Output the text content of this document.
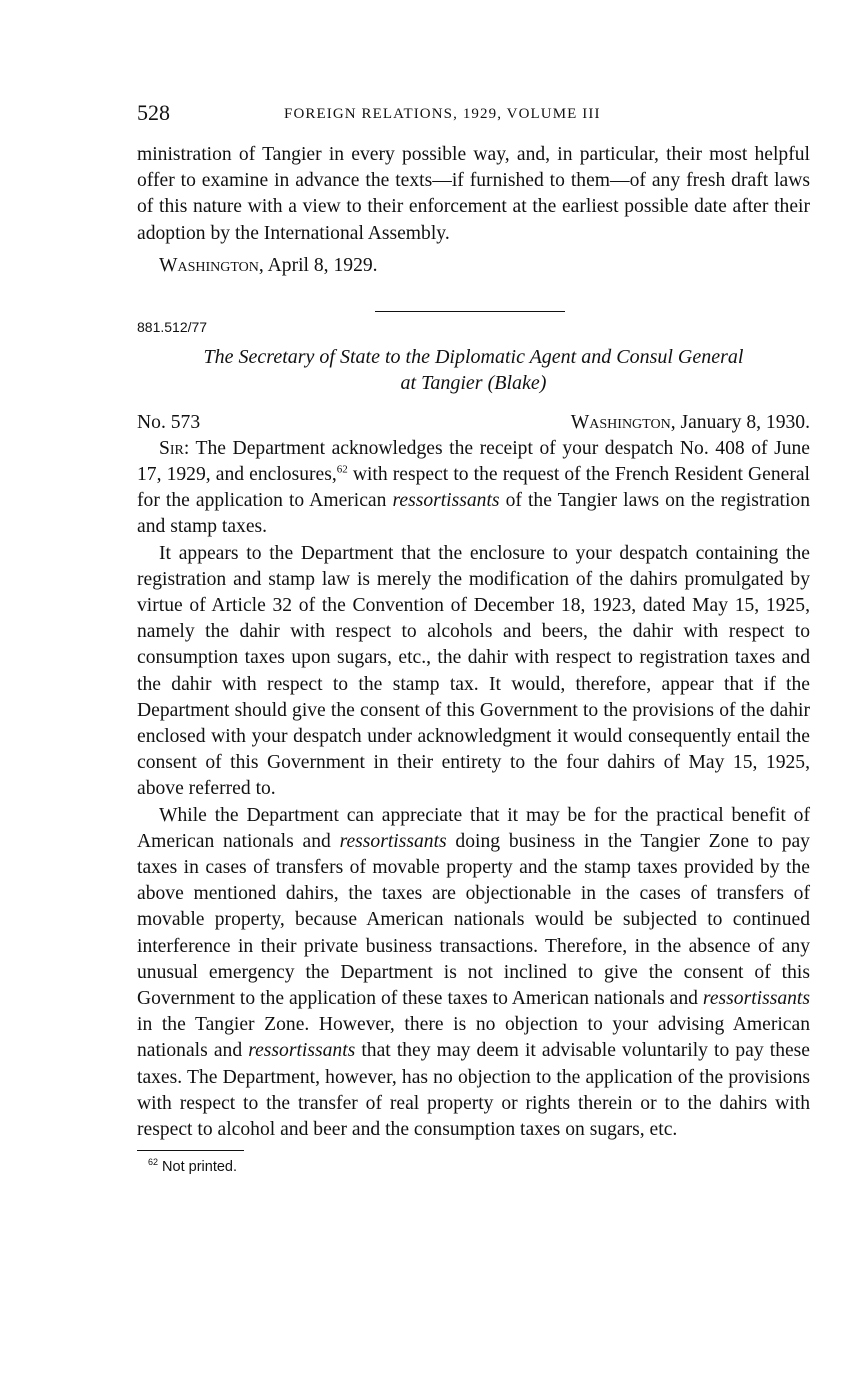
528	FOREIGN RELATIONS, 1929, VOLUME III

ministration of Tangier in every possible way, and, in particular, their most helpful offer to examine in advance the texts—if furnished to them—of any fresh draft laws of this nature with a view to their enforcement at the earliest possible date after their adoption by the International Assembly.

Washington, April 8, 1929.
881.512/77
The Secretary of State to the Diplomatic Agent and Consul General
at Tangier (Blake)
No. 573	Washington, January 8, 1930.

Sir: The Department acknowledges the receipt of your despatch No. 408 of June 17, 1929, and enclosures,$^{62}$ with respect to the request of the French Resident General for the application to American ressortissants of the Tangier laws on the registration and stamp taxes.

It appears to the Department that the enclosure to your despatch containing the registration and stamp law is merely the modification of the dahirs promulgated by virtue of Article 32 of the Convention of December 18, 1923, dated May 15, 1925, namely the dahir with respect to alcohols and beers, the dahir with respect to consumption taxes upon sugars, etc., the dahir with respect to registration taxes and the dahir with respect to the stamp tax. It would, therefore, appear that if the Department should give the consent of this Government to the provisions of the dahir enclosed with your despatch under acknowledgment it would consequently entail the consent of this Government in their entirety to the four dahirs of May 15, 1925, above referred to.

While the Department can appreciate that it may be for the practical benefit of American nationals and ressortissants doing business in the Tangier Zone to pay taxes in cases of transfers of movable property and the stamp taxes provided by the above mentioned dahirs, the taxes are objectionable in the cases of transfers of movable property, because American nationals would be subjected to continued interference in their private business transactions. Therefore, in the absence of any unusual emergency the Department is not inclined to give the consent of this Government to the application of these taxes to American nationals and ressortissants in the Tangier Zone. However, there is no objection to your advising American nationals and ressortissants that they may deem it advisable voluntarily to pay these taxes. The Department, however, has no objection to the application of the provisions with respect to the transfer of real property or rights therein or to the dahirs with respect to alcohol and beer and the consumption taxes on sugars, etc.

$^{62}$ Not printed.
